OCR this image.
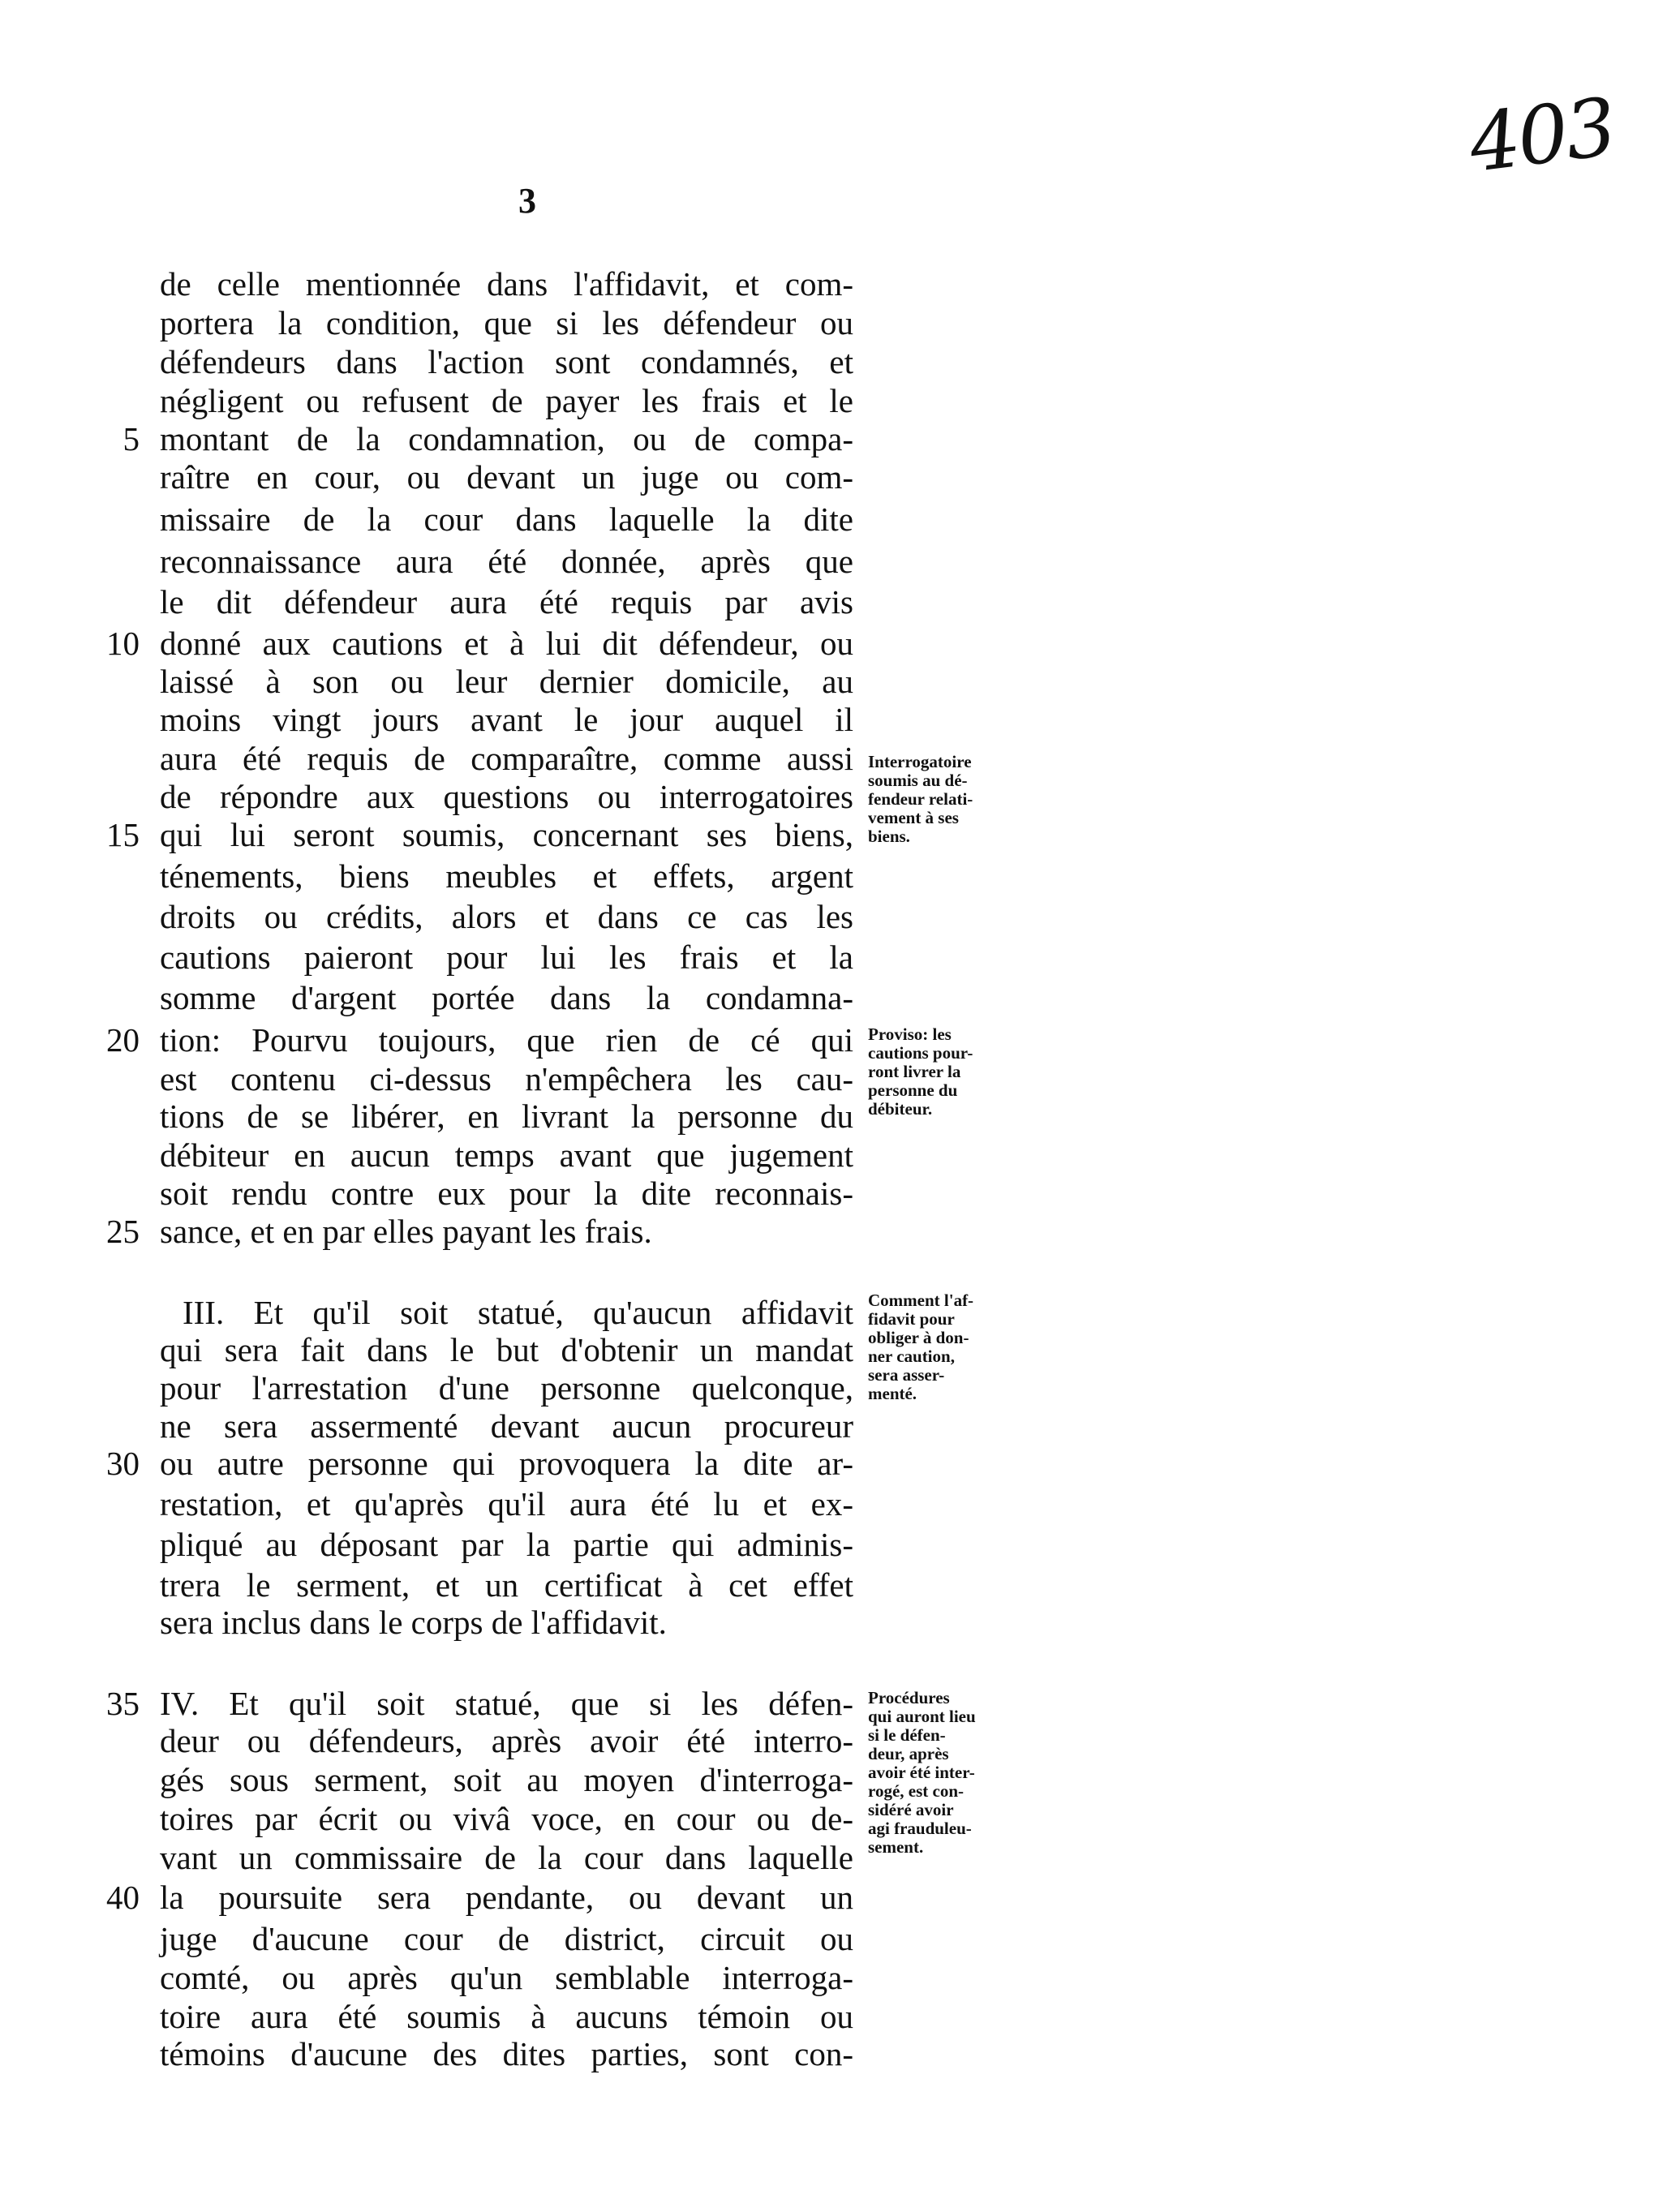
403
3
5
10
15
20
25
30
35
40
de celle mentionnée dans l'affidavit, et com-
portera la condition, que si les défendeur ou
défendeurs dans l'action sont condamnés, et
négligent ou refusent de payer les frais et le
montant de la condamnation, ou de compa-
raître en cour, ou devant un juge ou com-
missaire de la cour dans laquelle la dite
reconnaissance aura été donnée, après que
le dit défendeur aura été requis par avis
donné aux cautions et à lui dit défendeur, ou
laissé à son ou leur dernier domicile, au
moins vingt jours avant le jour auquel il
aura été requis de comparaître, comme aussi
de répondre aux questions ou interrogatoires
qui lui seront soumis, concernant ses biens,
ténements, biens meubles et effets, argent
droits ou crédits, alors et dans ce cas les
cautions paieront pour lui les frais et la
somme d'argent portée dans la condamna-
tion: Pourvu toujours, que rien de cé qui
est contenu ci-dessus n'empêchera les cau-
tions de se libérer, en livrant la personne du
débiteur en aucun temps avant que jugement
soit rendu contre eux pour la dite reconnais-
sance, et en par elles payant les frais.
III. Et qu'il soit statué, qu'aucun affidavit
qui sera fait dans le but d'obtenir un mandat
pour l'arrestation d'une personne quelconque,
ne sera assermenté devant aucun procureur
ou autre personne qui provoquera la dite ar-
restation, et qu'après qu'il aura été lu et ex-
pliqué au déposant par la partie qui adminis-
trera le serment, et un certificat à cet effet
sera inclus dans le corps de l'affidavit.
IV. Et qu'il soit statué, que si les défen-
deur ou défendeurs, après avoir été interro-
gés sous serment, soit au moyen d'interroga-
toires par écrit ou vivâ voce, en cour ou de-
vant un commissaire de la cour dans laquelle
la poursuite sera pendante, ou devant un
juge d'aucune cour de district, circuit ou
comté, ou après qu'un semblable interroga-
toire aura été soumis à aucuns témoin ou
témoins d'aucune des dites parties, sont con-
Interrogatoire
soumis au dé-
fendeur relati-
vement à ses
biens.
Proviso: les
cautions pour-
ront livrer la
personne du
débiteur.
Comment l'af-
fidavit pour
obliger à don-
ner caution,
sera asser-
menté.
Procédures
qui auront lieu
si le défen-
deur, après
avoir été inter-
rogé, est con-
sidéré avoir
agi frauduleu-
sement.
